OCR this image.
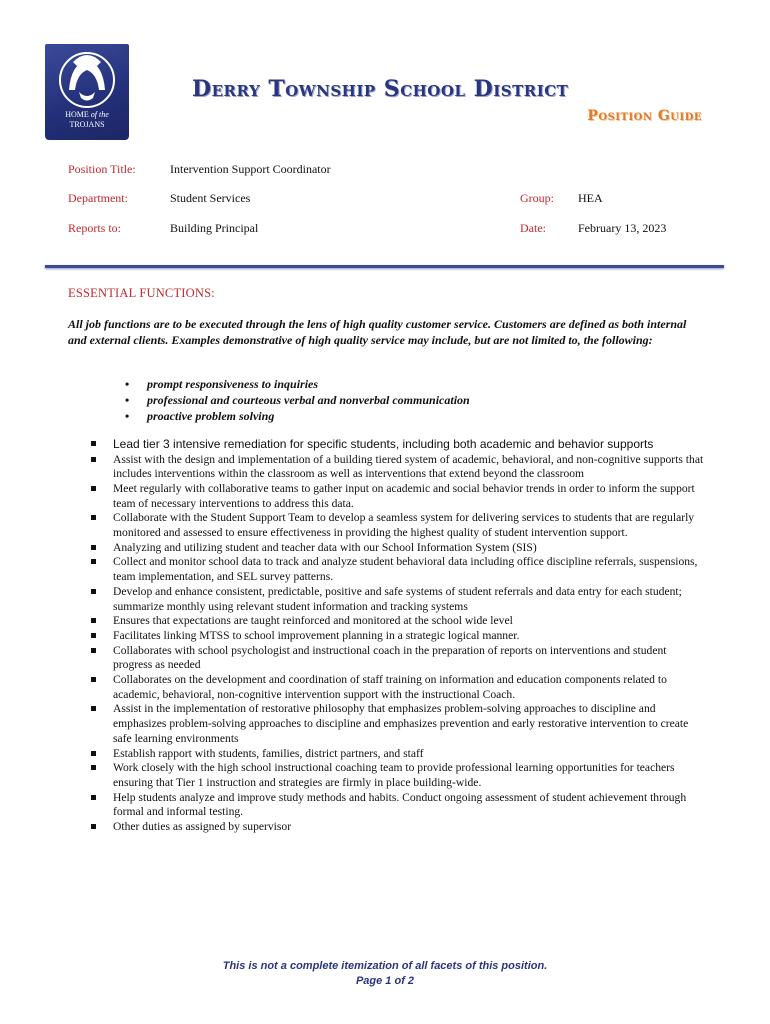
HOME of the
TROJANS
Derry Township School District
Position Guide
Position Title:	Intervention Support Coordinator
Department:	Student Services	Group: HEA
Reports to:	Building Principal	Date:	February 13, 2023
ESSENTIAL FUNCTIONS:
All job functions are to be executed through the lens of high quality customer service. Customers are defined as both internal and external clients. Examples demonstrative of high quality service may include, but are not limited to, the following:
• prompt responsiveness to inquiries
• professional and courteous verbal and nonverbal communication
• proactive problem solving
Lead tier 3 intensive remediation for specific students, including both academic and behavior supports
Assist with the design and implementation of a building tiered system of academic, behavioral, and non-cognitive supports that includes interventions within the classroom as well as interventions that extend beyond the classroom
Meet regularly with collaborative teams to gather input on academic and social behavior trends in order to inform the support team of necessary interventions to address this data.
Collaborate with the Student Support Team to develop a seamless system for delivering services to students that are regularly monitored and assessed to ensure effectiveness in providing the highest quality of student intervention support.
Analyzing and utilizing student and teacher data with our School Information System (SIS)
Collect and monitor school data to track and analyze student behavioral data including office discipline referrals, suspensions, team implementation, and SEL survey patterns.
Develop and enhance consistent, predictable, positive and safe systems of student referrals and data entry for each student; summarize monthly using relevant student information and tracking systems
Ensures that expectations are taught reinforced and monitored at the school wide level
Facilitates linking MTSS to school improvement planning in a strategic logical manner.
Collaborates with school psychologist and instructional coach in the preparation of reports on interventions and student progress as needed
Collaborates on the development and coordination of staff training on information and education components related to academic, behavioral, non-cognitive intervention support with the instructional Coach.
Assist in the implementation of restorative philosophy that emphasizes problem-solving approaches to discipline and emphasizes problem-solving approaches to discipline and emphasizes prevention and early restorative intervention to create safe learning environments
Establish rapport with students, families, district partners, and staff
Work closely with the high school instructional coaching team to provide professional learning opportunities for teachers ensuring that Tier 1 instruction and strategies are firmly in place building-wide.
Help students analyze and improve study methods and habits. Conduct ongoing assessment of student achievement through formal and informal testing.
Other duties as assigned by supervisor
This is not a complete itemization of all facets of this position.
Page 1 of 2
